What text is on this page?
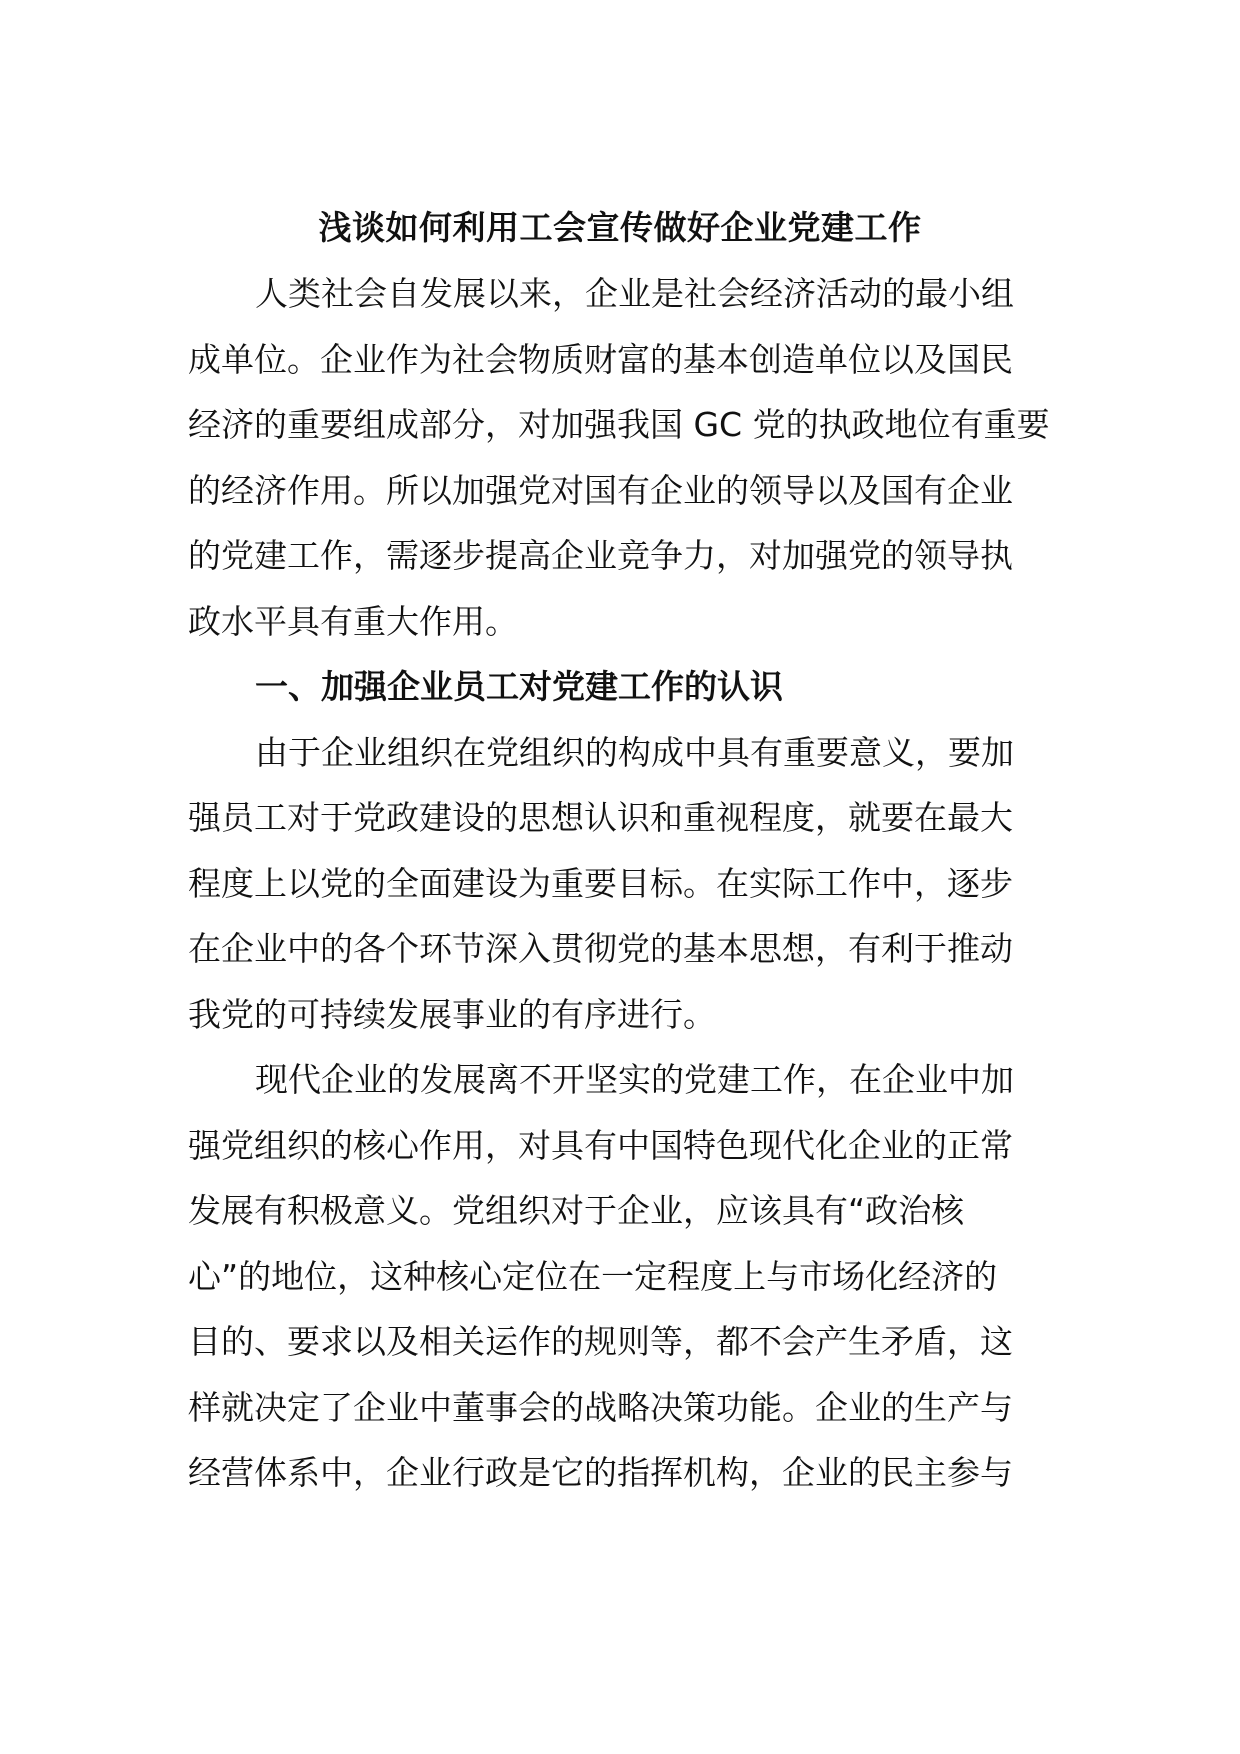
浅谈如何利用工会宣传做好企业党建工作
人类社会自发展以来，企业是社会经济活动的最小组
成单位。企业作为社会物质财富的基本创造单位以及国民
经济的重要组成部分，对加强我国 GC 党的执政地位有重要
的经济作用。所以加强党对国有企业的领导以及国有企业
的党建工作，需逐步提高企业竞争力，对加强党的领导执
政水平具有重大作用。
一、加强企业员工对党建工作的认识
由于企业组织在党组织的构成中具有重要意义，要加
强员工对于党政建设的思想认识和重视程度，就要在最大
程度上以党的全面建设为重要目标。在实际工作中，逐步
在企业中的各个环节深入贯彻党的基本思想，有利于推动
我党的可持续发展事业的有序进行。
现代企业的发展离不开坚实的党建工作，在企业中加
强党组织的核心作用，对具有中国特色现代化企业的正常
发展有积极意义。党组织对于企业，应该具有“政治核
心”的地位，这种核心定位在一定程度上与市场化经济的
目的、要求以及相关运作的规则等，都不会产生矛盾，这
样就决定了企业中董事会的战略决策功能。企业的生产与
经营体系中，企业行政是它的指挥机构，企业的民主参与
